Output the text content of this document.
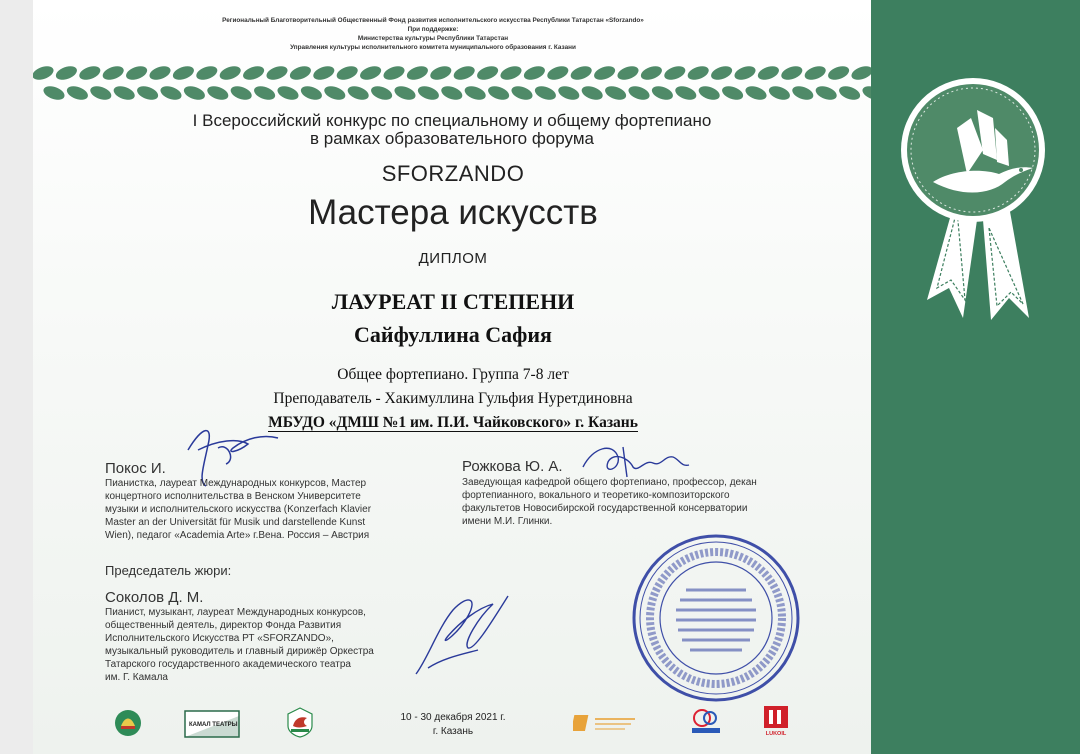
Региональный Благотворительный Общественный Фонд развития исполнительского искусства Республики Татарстан «Sforzando»
При поддержке:
Министерства культуры Республики Татарстан
Управления культуры исполнительного комитета муниципального образования г. Казани
I Всероссийский конкурс по специальному и общему фортепиано
в рамках образовательного форума
SFORZANDO
Мастера искусств
ДИПЛОМ
ЛАУРЕАТ II СТЕПЕНИ
Сайфуллина Сафия
Общее фортепиано. Группа 7-8 лет
Преподаватель - Хакимуллина Гульфия Нуретдиновна
МБУДО «ДМШ №1 им. П.И. Чайковского» г. Казань
Покос И.
Пианистка, лауреат Международных конкурсов, Мастер
концертного исполнительства в Венском Университете
музыки и исполнительского искусства (Konzerfach Klavier
Master an der Universität für Musik und darstellende Kunst
Wien), педагог «Academia Arte» г.Вена. Россия – Австрия
Рожкова Ю. А.
Заведующая кафедрой общего фортепиано, профессор, декан
фортепианного, вокального и теоретико-композиторского
факультетов Новосибирской государственной консерватории
имени М.И. Глинки.
Председатель жюри:
Соколов Д. М.
Пианист, музыкант, лауреат Международных конкурсов,
общественный деятель, директор Фонда Развития
Исполнительского Искусства РТ «SFORZANDO»,
музыкальный руководитель и главный дирижёр Оркестра
Татарского государственного академического театра
им. Г. Камала
10 - 30 декабря 2021 г.
г. Казань
КАМАЛ ТЕАТРЫ
LUKOIL
